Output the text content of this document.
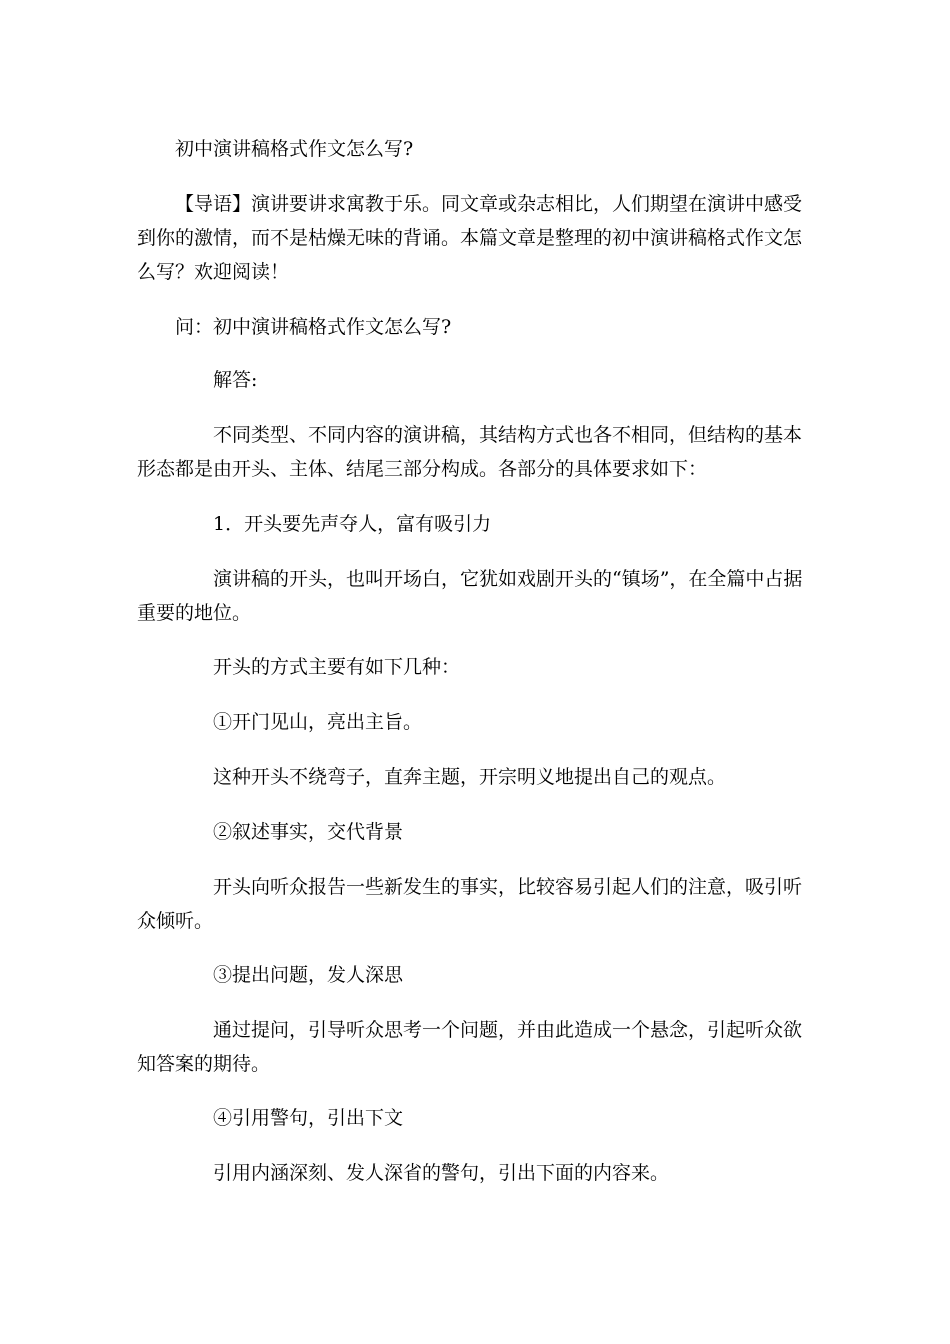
初中演讲稿格式作文怎么写?

【导语】演讲要讲求寓教于乐。同文章或杂志相比，人们期望在演讲中感受到你的激情，而不是枯燥无味的背诵。本篇文章是整理的初中演讲稿格式作文怎么写？欢迎阅读！

问：初中演讲稿格式作文怎么写?

解答:

不同类型、不同内容的演讲稿，其结构方式也各不相同，但结构的基本形态都是由开头、主体、结尾三部分构成。各部分的具体要求如下：

1．开头要先声夺人，富有吸引力

演讲稿的开头，也叫开场白，它犹如戏剧开头的“镇场”，在全篇中占据重要的地位。

开头的方式主要有如下几种：

①开门见山，亮出主旨。

这种开头不绕弯子，直奔主题，开宗明义地提出自己的观点。

②叙述事实，交代背景

开头向听众报告一些新发生的事实，比较容易引起人们的注意，吸引听众倾听。

③提出问题，发人深思

通过提问，引导听众思考一个问题，并由此造成一个悬念，引起听众欲知答案的期待。

④引用警句，引出下文

引用内涵深刻、发人深省的警句，引出下面的内容来。
